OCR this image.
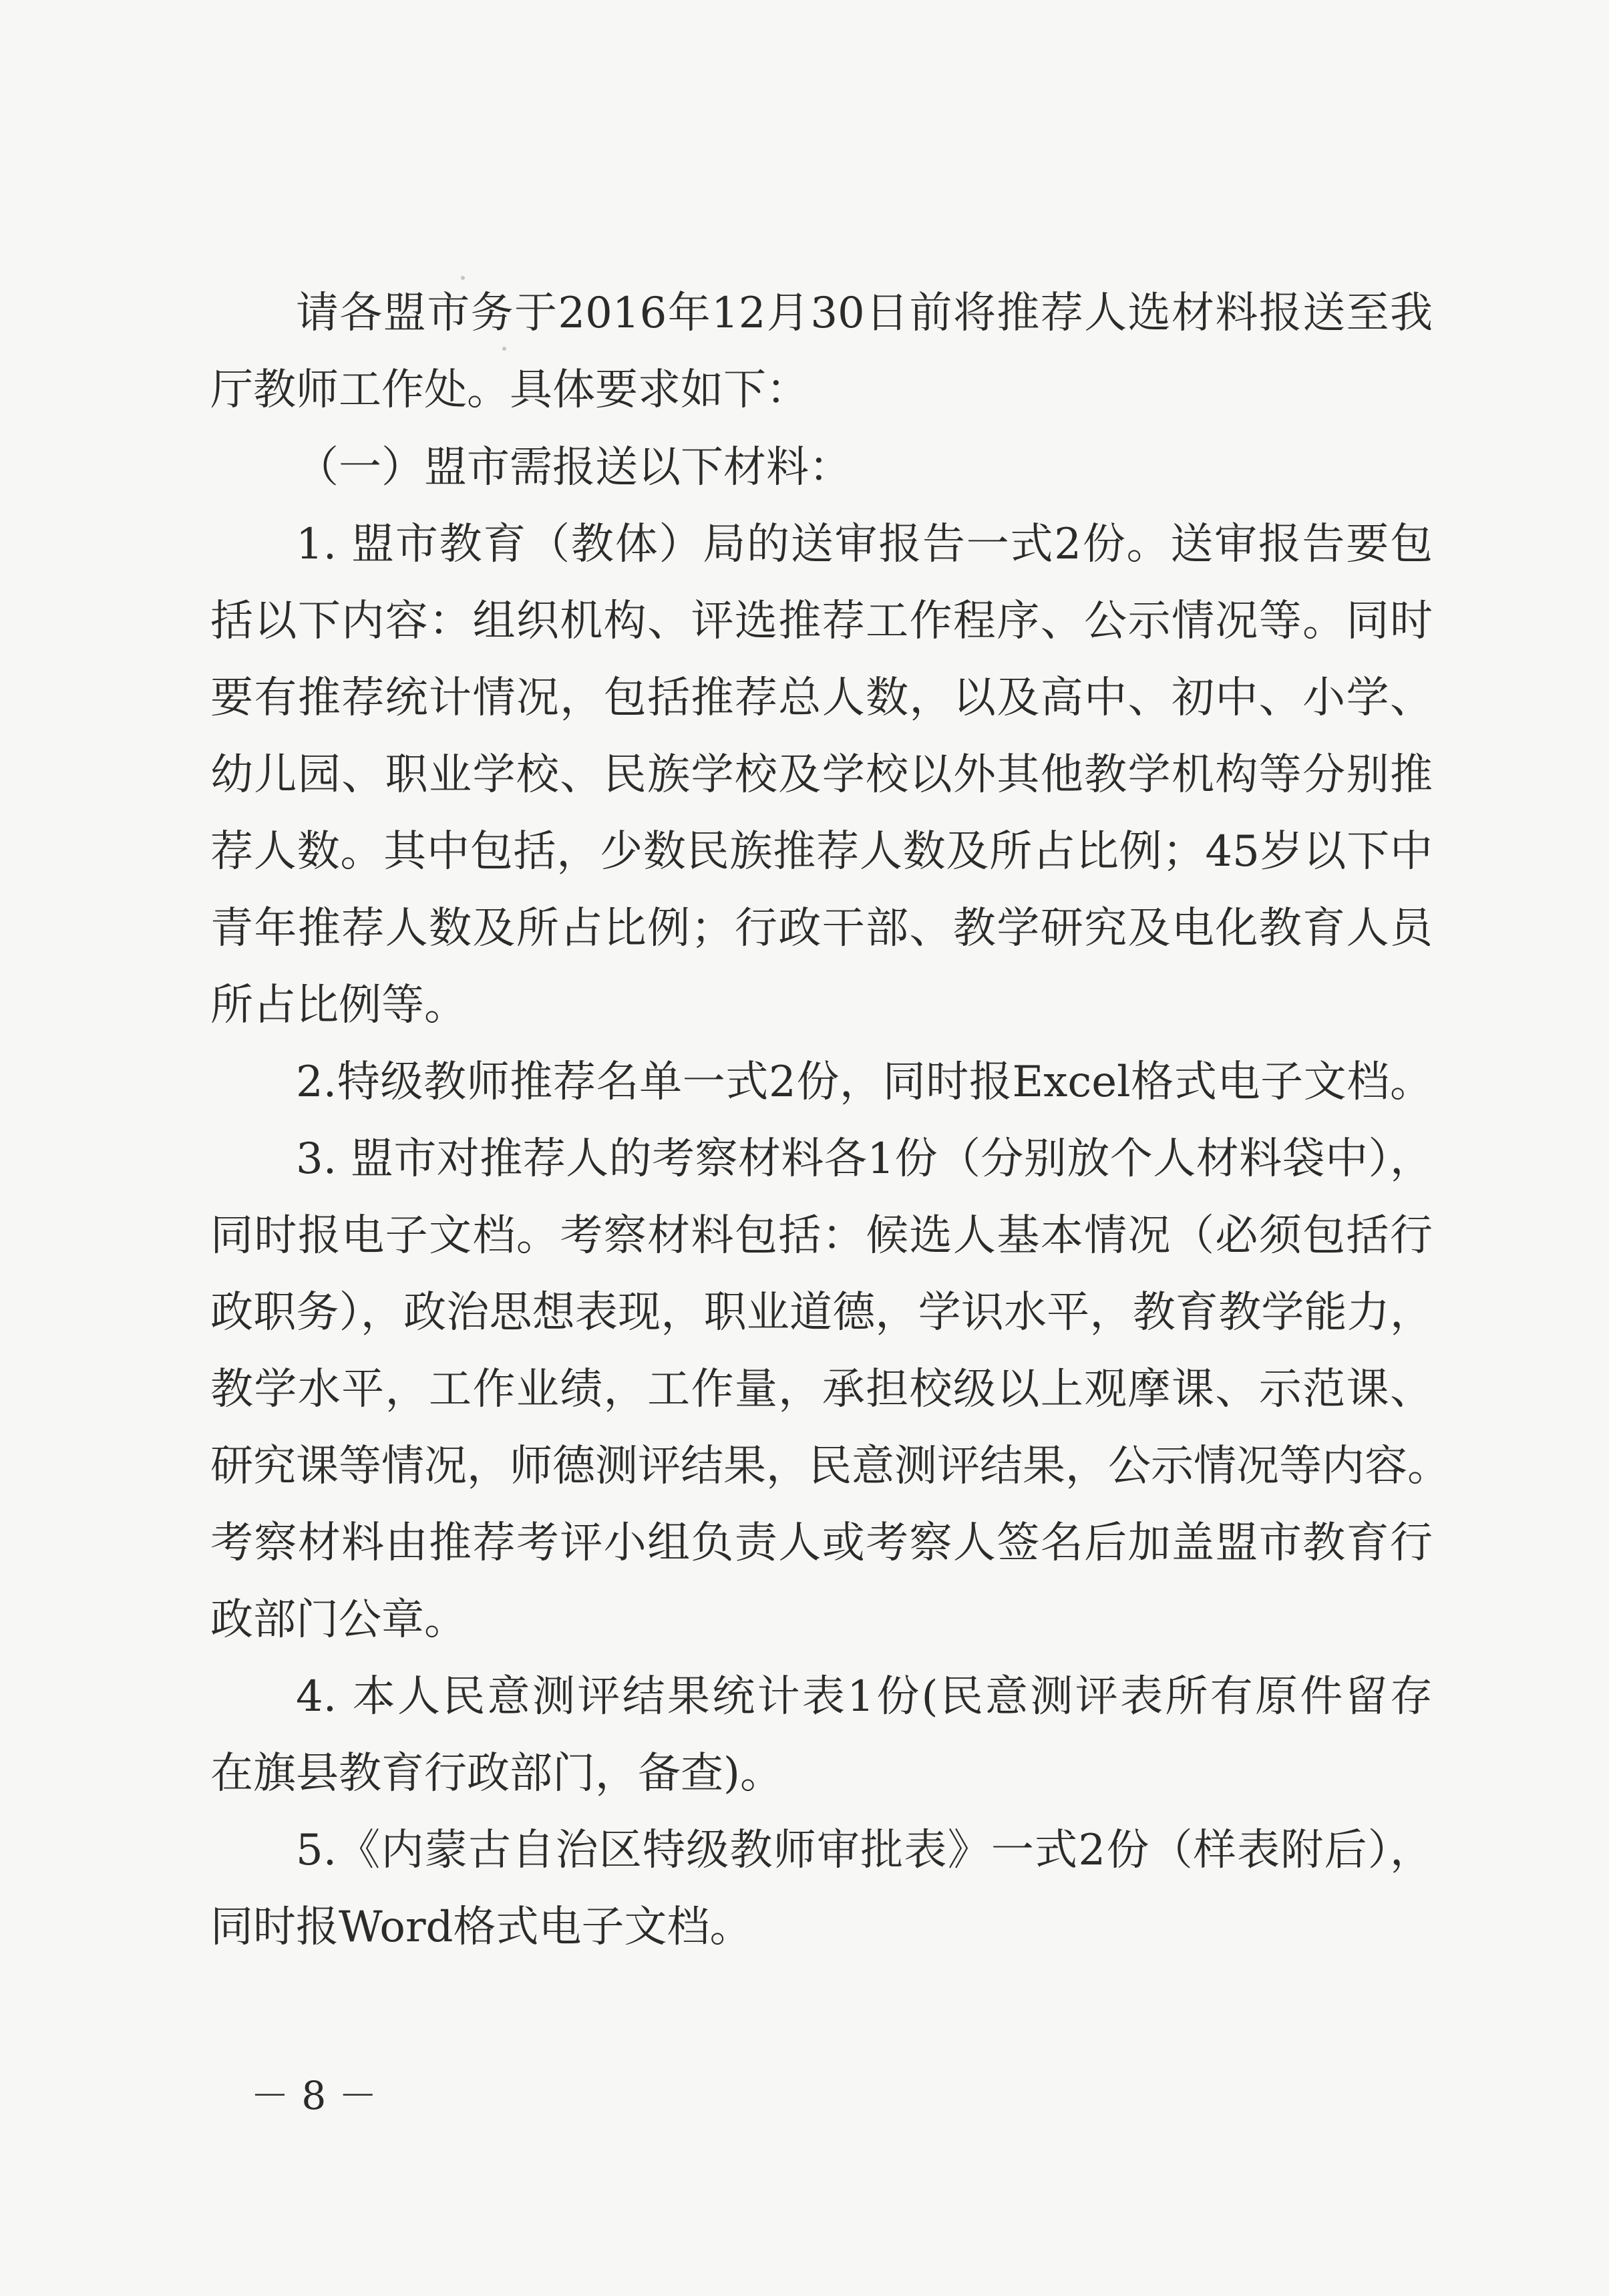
请各盟市务于2016年12月30日前将推荐人选材料报送至我
厅教师工作处。具体要求如下：
（一）盟市需报送以下材料：
1. 盟市教育（教体）局的送审报告一式2份。送审报告要包
括以下内容：组织机构、评选推荐工作程序、公示情况等。同时
要有推荐统计情况，包括推荐总人数，以及高中、初中、小学、
幼儿园、职业学校、民族学校及学校以外其他教学机构等分别推
荐人数。其中包括，少数民族推荐人数及所占比例；45岁以下中
青年推荐人数及所占比例；行政干部、教学研究及电化教育人员
所占比例等。
2.特级教师推荐名单一式2份，同时报Excel格式电子文档。
3. 盟市对推荐人的考察材料各1份（分别放个人材料袋中），
同时报电子文档。考察材料包括：候选人基本情况（必须包括行
政职务），政治思想表现，职业道德，学识水平，教育教学能力，
教学水平，工作业绩，工作量，承担校级以上观摩课、示范课、
研究课等情况，师德测评结果，民意测评结果，公示情况等内容。
考察材料由推荐考评小组负责人或考察人签名后加盖盟市教育行
政部门公章。
4. 本人民意测评结果统计表1份(民意测评表所有原件留存
在旗县教育行政部门，备查)。
5.《内蒙古自治区特级教师审批表》一式2份（样表附后），
同时报Word格式电子文档。
－ 8 －
